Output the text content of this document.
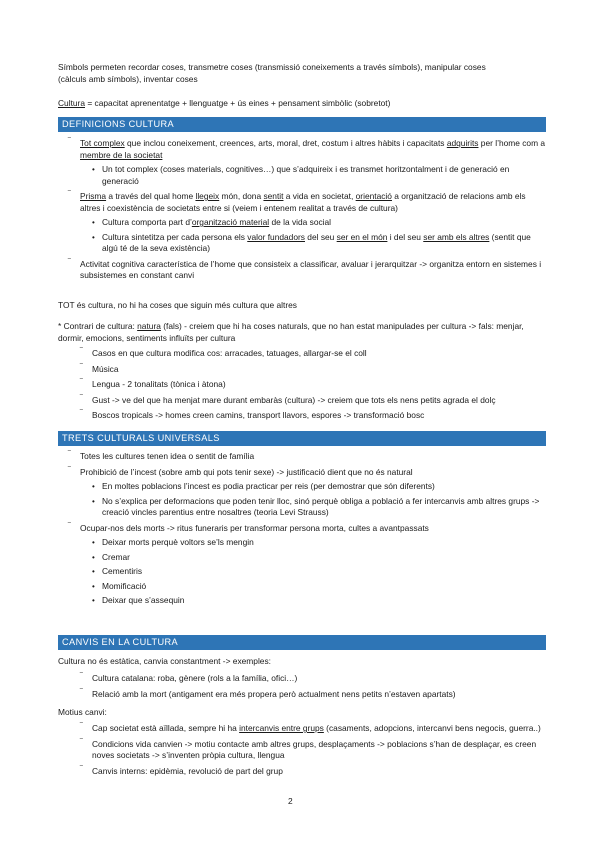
Símbols permeten recordar coses, transmetre coses (transmissió coneixements a través símbols), manipular coses
(càlculs amb símbols), inventar coses

Cultura = capacitat aprenentatge + llenguatge + ús eines + pensament simbòlic (sobretot)

DEFINICIONS CULTURA
‾ Tot complex que inclou coneixement, creences, arts, moral, dret, costum i altres hàbits i capacitats adquirits per l’home com a membre de la societat
• Un tot complex (coses materials, cognitives…) que s’adquireix i es transmet horitzontalment i de generació en generació
‾ Prisma a través del qual home llegeix món, dona sentit a vida en societat, orientació a organització de relacions amb els altres i coexistència de societats entre si (veiem i entenem realitat a través de cultura)
• Cultura comporta part d’organització material de la vida social
• Cultura sintetitza per cada persona els valor fundadors del seu ser en el món i del seu ser amb els altres (sentit que algú té de la seva existència)
‾ Activitat cognitiva característica de l’home que consisteix a classificar, avaluar i jerarquitzar -> organitza entorn en sistemes i subsistemes en constant canvi

TOT és cultura, no hi ha coses que siguin més cultura que altres

* Contrari de cultura: natura (fals) - creiem que hi ha coses naturals, que no han estat manipulades per cultura -> fals: menjar, dormir, emocions, sentiments influïts per cultura

‾ Casos en que cultura modifica cos: arracades, tatuages, allargar-se el coll
‾ Música
‾ Lengua - 2 tonalitats (tònica i àtona)
‾ Gust -> ve del que ha menjat mare durant embaràs (cultura) -> creiem que tots els nens petits agrada el dolç
‾ Boscos tropicals -> homes creen camins, transport llavors, espores -> transformació bosc
TRETS CULTURALS UNIVERSALS
‾ Totes les cultures tenen idea o sentit de família
‾ Prohibició de l’incest (sobre amb qui pots tenir sexe) -> justificació dient que no és natural
• En moltes poblacions l’incest es podia practicar per reis (per demostrar que són diferents)
• No s’explica per deformacions que poden tenir lloc, sinó perquè obliga a població a fer intercanvis amb altres grups -> creació vincles parentius entre nosaltres (teoria Levi Strauss)
‾ Ocupar-nos dels morts -> ritus funeraris per transformar persona morta, cultes a avantpassats
• Deixar morts perquè voltors se’ls mengin
• Cremar
• Cementiris
• Momificació
• Deixar que s’assequin
CANVIS EN LA CULTURA

Cultura no és estàtica, canvia constantment -> exemples:

‾ Cultura catalana: roba, gènere (rols a la família, ofici…)
‾ Relació amb la mort (antigament era més propera però actualment nens petits n’estaven apartats)

Motius canvi:

‾ Cap societat està aïllada, sempre hi ha intercanvis entre grups (casaments, adopcions, intercanvi bens negocis, guerra..)
‾ Condicions vida canvien -> motiu contacte amb altres grups, desplaçaments -> poblacions s’han de desplaçar, es creen noves societats -> s’inventen pròpia cultura, llengua
‾ Canvis interns: epidèmia, revolució de part del grup
2
